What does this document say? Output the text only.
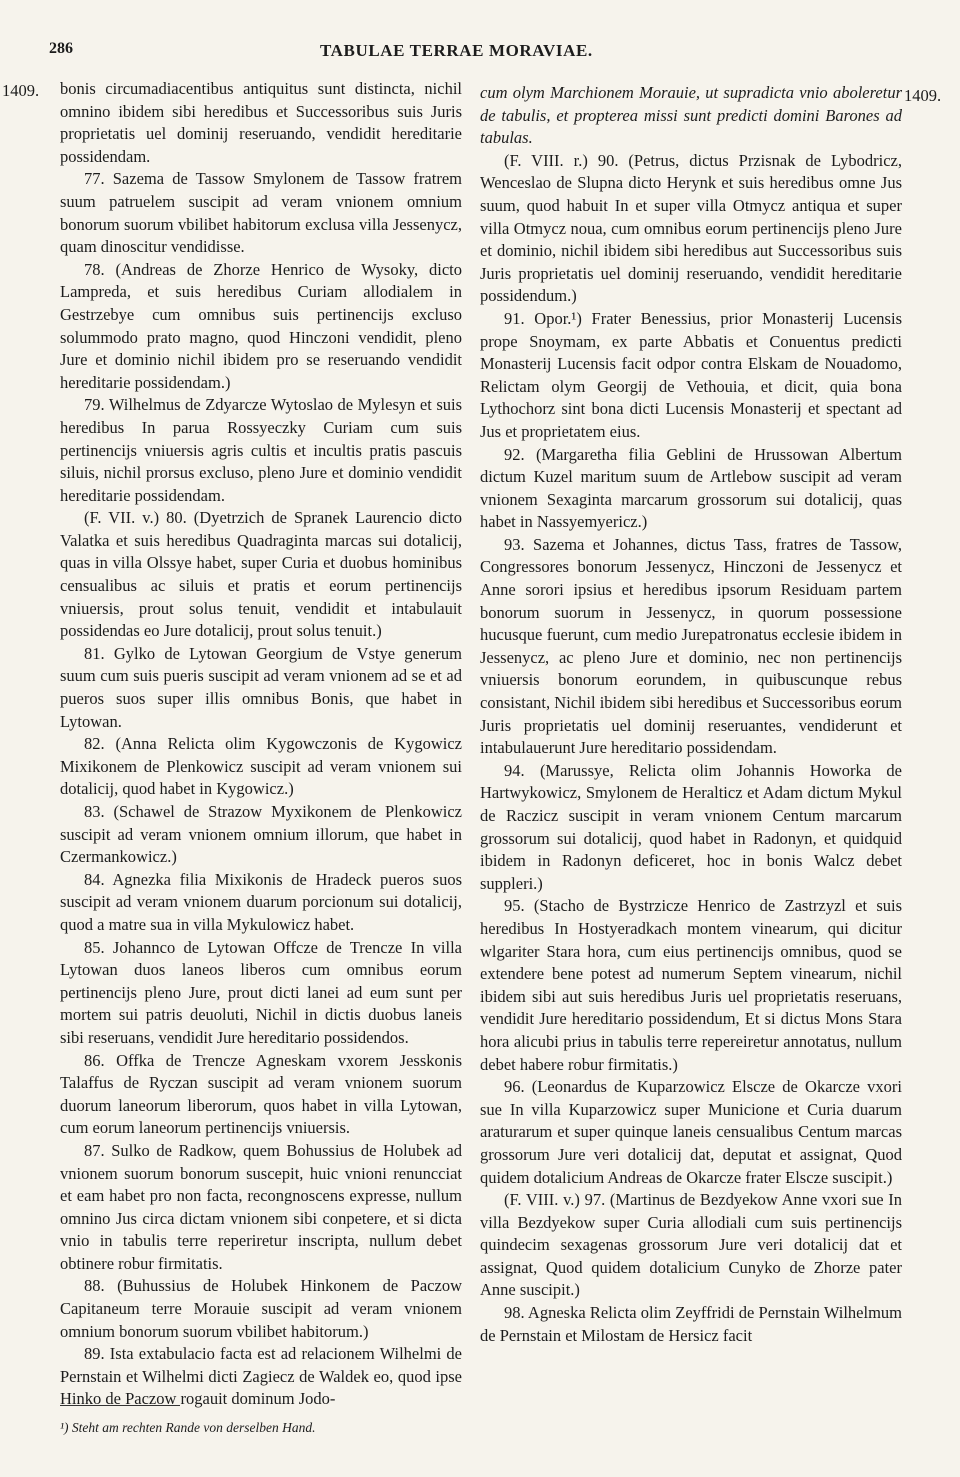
286	TABULAE TERRAE MORAVIAE.
1409.	1409.

bonis circumadiacentibus antiquitus sunt distincta, nichil omnino ibidem sibi heredibus et Successoribus suis Juris proprietatis uel dominij reseruando, vendidit hereditarie possidendam.

77. Sazema de Tassow Smylonem de Tassow fratrem suum patruelem suscipit ad veram vnionem omnium bonorum suorum vbilibet habitorum exclusa villa Jessenycz, quam dinoscitur vendidisse.

78. (Andreas de Zhorze Henrico de Wysoky, dicto Lampreda, et suis heredibus Curiam allodialem in Gestrzebye cum omnibus suis pertinencijs excluso solummodo prato magno, quod Hinczoni vendidit, pleno Jure et dominio nichil ibidem pro se reseruando vendidit hereditarie possidendam.)

79. Wilhelmus de Zdyarcze Wytoslao de Mylesyn et suis heredibus In parua Rossyeczky Curiam cum suis pertinencijs vniuersis agris cultis et incultis pratis pascuis siluis, nichil prorsus excluso, pleno Jure et dominio vendidit hereditarie possidendam.

(F. VII. v.) 80. (Dyetrzich de Spranek Laurencio dicto Valatka et suis heredibus Quadraginta marcas sui dotalicij, quas in villa Olssye habet, super Curia et duobus hominibus censualibus ac siluis et pratis et eorum pertinencijs vniuersis, prout solus tenuit, vendidit et intabulauit possidendas eo Jure dotalicij, prout solus tenuit.)

81. Gylko de Lytowan Georgium de Vstye generum suum cum suis pueris suscipit ad veram vnionem ad se et ad pueros suos super illis omnibus Bonis, que habet in Lytowan.

82. (Anna Relicta olim Kygowczonis de Kygowicz Mixikonem de Plenkowicz suscipit ad veram vnionem sui dotalicij, quod habet in Kygowicz.)

83. (Schawel de Strazow Myxikonem de Plenkowicz suscipit ad veram vnionem omnium illorum, que habet in Czermankowicz.)

84. Agnezka filia Mixikonis de Hradeck pueros suos suscipit ad veram vnionem duarum porcionum sui dotalicij, quod a matre sua in villa Mykulowicz habet.

85. Johannco de Lytowan Offcze de Trencze In villa Lytowan duos laneos liberos cum omnibus eorum pertinencijs pleno Jure, prout dicti lanei ad eum sunt per mortem sui patris deuoluti, Nichil in dictis duobus laneis sibi reseruans, vendidit Jure hereditario possidendos.

86. Offka de Trencze Agneskam vxorem Jesskonis Talaffus de Ryczan suscipit ad veram vnionem suorum duorum laneorum liberorum, quos habet in villa Lytowan, cum eorum laneorum pertinencijs vniuersis.

87. Sulko de Radkow, quem Bohussius de Holubek ad vnionem suorum bonorum suscepit, huic vnioni renuncciat et eam habet pro non facta, recongnoscens expresse, nullum omnino Jus circa dictam vnionem sibi conpetere, et si dicta vnio in tabulis terre reperiretur inscripta, nullum debet obtinere robur firmitatis.

88. (Buhussius de Holubek Hinkonem de Paczow Capitaneum terre Morauie suscipit ad veram vnionem omnium bonorum suorum vbilibet habitorum.)

89. Ista extabulacio facta est ad relacionem Wilhelmi de Pernstain et Wilhelmi dicti Zagiecz de Waldek eo, quod ipse Hinko de Paczow rogauit dominum Jodo-

cum olym Marchionem Morauie, ut supradicta vnio aboleretur de tabulis, et propterea missi sunt predicti domini Barones ad tabulas.

(F. VIII. r.) 90. (Petrus, dictus Przisnak de Lybodricz, Wenceslao de Slupna dicto Herynk et suis heredibus omne Jus suum, quod habuit In et super villa Otmycz antiqua et super villa Otmycz noua, cum omnibus eorum pertinencijs pleno Jure et dominio, nichil ibidem sibi heredibus aut Successoribus suis Juris proprietatis uel dominij reseruando, vendidit hereditarie possidendum.)

91. Opor.¹) Frater Benessius, prior Monasterij Lucensis prope Snoymam, ex parte Abbatis et Conuentus predicti Monasterij Lucensis facit odpor contra Elskam de Nouadomo, Relictam olym Georgij de Vethouia, et dicit, quia bona Lythochorz sint bona dicti Lucensis Monasterij et spectant ad Jus et proprietatem eius.

92. (Margaretha filia Geblini de Hrussowan Albertum dictum Kuzel maritum suum de Artlebow suscipit ad veram vnionem Sexaginta marcarum grossorum sui dotalicij, quas habet in Nassyemyericz.)

93. Sazema et Johannes, dictus Tass, fratres de Tassow, Congressores bonorum Jessenycz, Hinczoni de Jessenycz et Anne sorori ipsius et heredibus ipsorum Residuam partem bonorum suorum in Jessenycz, in quorum possessione hucusque fuerunt, cum medio Jurepatronatus ecclesie ibidem in Jessenycz, ac pleno Jure et dominio, nec non pertinencijs vniuersis bonorum eorundem, in quibuscunque rebus consistant, Nichil ibidem sibi heredibus et Successoribus eorum Juris proprietatis uel dominij reseruantes, vendiderunt et intabulauerunt Jure hereditario possidendam.

94. (Marussye, Relicta olim Johannis Howorka de Hartwykowicz, Smylonem de Heralticz et Adam dictum Mykul de Raczicz suscipit in veram vnionem Centum marcarum grossorum sui dotalicij, quod habet in Radonyn, et quidquid ibidem in Radonyn deficeret, hoc in bonis Walcz debet suppleri.)

95. (Stacho de Bystrzicze Henrico de Zastrzyzl et suis heredibus In Hostyeradkach montem vinearum, qui dicitur wlgariter Stara hora, cum eius pertinencijs omnibus, quod se extendere bene potest ad numerum Septem vinearum, nichil ibidem sibi aut suis heredibus Juris uel proprietatis reseruans, vendidit Jure hereditario possidendum, Et si dictus Mons Stara hora alicubi prius in tabulis terre repereiretur annotatus, nullum debet habere robur firmitatis.)

96. (Leonardus de Kuparzowicz Elscze de Okarcze vxori sue In villa Kuparzowicz super Municione et Curia duarum araturarum et super quinque laneis censualibus Centum marcas grossorum Jure veri dotalicij dat, deputat et assignat, Quod quidem dotalicium Andreas de Okarcze frater Elscze suscipit.)

(F. VIII. v.) 97. (Martinus de Bezdyekow Anne vxori sue In villa Bezdyekow super Curia allodiali cum suis pertinencijs quindecim sexagenas grossorum Jure veri dotalicij dat et assignat, Quod quidem dotalicium Cunyko de Zhorze pater Anne suscipit.)

98. Agneska Relicta olim Zeyffridi de Pernstain Wilhelmum de Pernstain et Milostam de Hersicz facit

¹) Steht am rechten Rande von derselben Hand.
